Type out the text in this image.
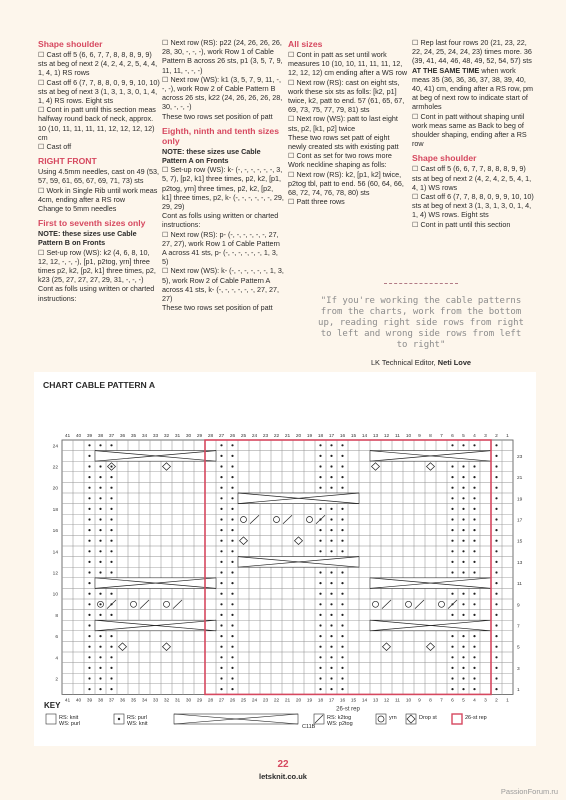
Shape shoulder
☐ Cast off 5 (6, 6, 7, 7, 8, 8, 8, 9, 9) sts at beg of next 2 (4, 2, 4, 2, 5, 4, 4, 1, 4, 1) RS rows
☐ Cast off 6 (7, 7, 8, 8, 0, 9, 9, 10, 10) sts at beg of next 3 (1, 3, 1, 3, 0, 1, 4, 1, 4) RS rows. Eight sts
☐ Cont in patt until this section meas halfway round back of neck, approx. 10 (10, 11, 11, 11, 11, 12, 12, 12, 12) cm
☐ Cast off
RIGHT FRONT
Using 4.5mm needles, cast on 49 (53, 57, 59, 61, 65, 67, 69, 71, 73) sts
☐ Work in Single Rib until work meas 4cm, ending after a RS row
Change to 5mm needles
First to seventh sizes only
NOTE: these sizes use Cable Pattern B on Fronts
☐ Set-up row (WS): k2 (4, 6, 8, 10, 12, 12, -, -, -), [p1, p2tog, yrn] three times p2, k2, [p2, k1] three times, p2, k23 (25, 27, 27, 27, 29, 31, -, -, -)
Cont as folls using written or charted instructions:
☐ Next row (RS): p22 (24, 26, 26, 26, 28, 30, -, -, -), work Row 1 of Cable Pattern B across 26 sts, p1 (3, 5, 7, 9, 11, 11, -, -, -)
☐ Next row (WS): k1 (3, 5, 7, 9, 11, -, -, -), work Row 2 of Cable Pattern B across 26 sts, k22 (24, 26, 26, 26, 28, 30, -, -, -)
These two rows set position of patt
Eighth, ninth and tenth sizes only
NOTE: these sizes use Cable Pattern A on Fronts
☐ Set-up row (WS): k- (-, -, -, -, -, -, 3, 5, 7), [p2, k1] three times, p2, k2, [p1, p2tog, yrn] three times, p2, k2, [p2, k1] three times, p2, k- (-, -, -, -, -, -, 29, 29, 29)
Cont as folls using written or charted instructions:
☐ Next row (RS): p- (-, -, -, -, -, -, 27, 27, 27), work Row 1 of Cable Pattern A across 41 sts, p- (-, -, -, -, -, -, 1, 3, 5)
☐ Next row (WS): k- (-, -, -, -, -, -, 1, 3, 5), work Row 2 of Cable Pattern A across 41 sts, k- (-, -, -, -, -, -, 27, 27, 27)
These two rows set position of patt
All sizes
☐ Cont in patt as set until work measures 10 (10, 10, 11, 11, 11, 12, 12, 12, 12) cm ending after a WS row
☐ Next row (RS): cast on eight sts, work these six sts as folls: [k2, p1] twice, k2, patt to end. 57 (61, 65, 67, 69, 73, 75, 77, 79, 81) sts
☐ Next row (WS): patt to last eight sts, p2, [k1, p2] twice
These two rows set patt of eight newly created sts with existing patt
☐ Cont as set for two rows more
Work neckline shaping as folls:
☐ Next row (RS): k2, [p1, k2] twice, p2tog tbl, patt to end. 56 (60, 64, 66, 68, 72, 74, 76, 78, 80) sts
☐ Patt three rows
☐ Rep last four rows 20 (21, 23, 22, 22, 24, 25, 24, 24, 23) times more. 36 (39, 41, 44, 46, 48, 49, 52, 54, 57) sts AT THE SAME TIME when work meas 35 (36, 36, 36, 37, 38, 39, 40, 40, 41) cm, ending after a RS row, pm at beg of next row to indicate start of armholes
☐ Cont in patt without shaping until work meas same as Back to beg of shoulder shaping, ending after a RS row
Shape shoulder
☐ Cast off 5 (6, 6, 7, 7, 8, 8, 8, 9, 9) sts at beg of next 2 (4, 2, 4, 2, 5, 4, 1, 4, 1) WS rows
☐ Cast off 6 (7, 7, 8, 8, 0, 9, 9, 10, 10) sts at beg of next 3 (1, 3, 1, 3, 0, 1, 4, 1, 4) WS rows. Eight sts
☐ Cont in patt until this section
"If you're working the cable patterns from the charts, work from the bottom up, reading right side rows from right to left and wrong side rows from left to right"
LK Technical Editor, Neti Love
CHART CABLE PATTERN A
41
41
40
40
39
39
38
38
37
37
36
36
35
35
34
34
33
33
32
32
31
31
30
30
29
29
28
28
27
27
26
26
25
25
24
24
23
23
22
22
21
21
20
20
19
19
18
18
17
17
16
16
15
15
14
14
13
13
12
12
11
11
10
10
9
9
8
8
7
7
6
6
5
5
4
4
3
3
2
2
1
1
2
4
6
8
10
12
14
16
18
20
22
24
1
3
5
7
9
11
13
15
17
19
21
23
26-st rep
KEY
RS: knit
WS: purl
RS: purl
WS: knit	C11B
RS: k2tog
WS: p2tog
yrn	Drop st	26-st rep
22
letsknit.co.uk
PassionForum.ru
